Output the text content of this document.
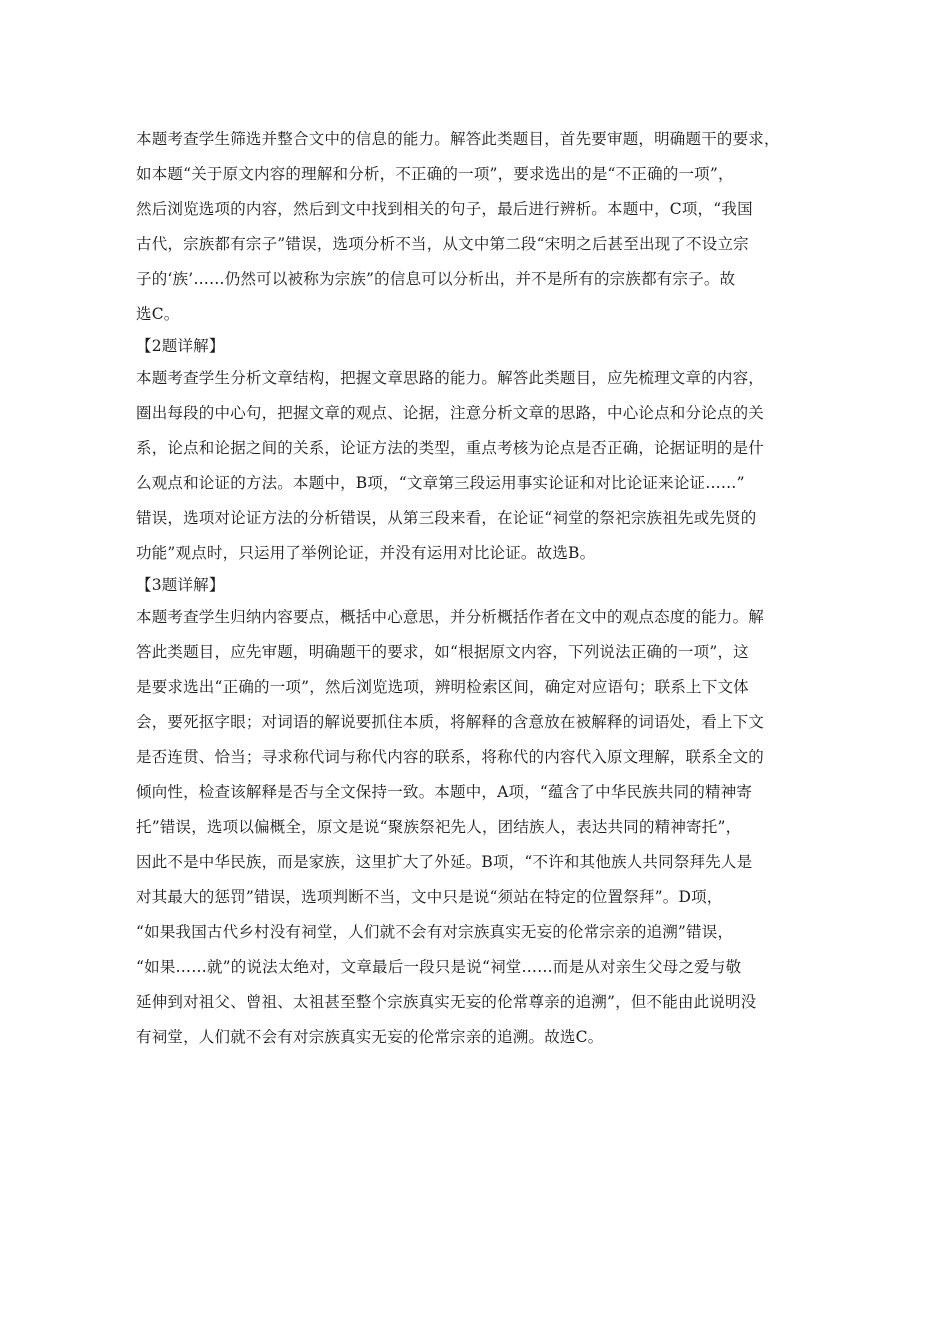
本题考查学生筛选并整合文中的信息的能力。解答此类题目，首先要审题，明确题干的要求，
如本题“关于原文内容的理解和分析，不正确的一项”，要求选出的是“不正确的一项”，
然后浏览选项的内容，然后到文中找到相关的句子，最后进行辨析。本题中，C项，“我国
古代，宗族都有宗子”错误，选项分析不当，从文中第二段“宋明之后甚至出现了不设立宗
子的‘族’……仍然可以被称为宗族”的信息可以分析出，并不是所有的宗族都有宗子。故
选C。
【2题详解】
本题考查学生分析文章结构，把握文章思路的能力。解答此类题目，应先梳理文章的内容，
圈出每段的中心句，把握文章的观点、论据，注意分析文章的思路，中心论点和分论点的关
系，论点和论据之间的关系，论证方法的类型，重点考核为论点是否正确，论据证明的是什
么观点和论证的方法。本题中，B项，“文章第三段运用事实论证和对比论证来论证……”
错误，选项对论证方法的分析错误，从第三段来看，在论证“祠堂的祭祀宗族祖先或先贤的
功能”观点时，只运用了举例论证，并没有运用对比论证。故选B。
【3题详解】
本题考查学生归纳内容要点，概括中心意思，并分析概括作者在文中的观点态度的能力。解
答此类题目，应先审题，明确题干的要求，如“根据原文内容，下列说法正确的一项”，这
是要求选出“正确的一项”，然后浏览选项，辨明检索区间，确定对应语句；联系上下文体
会，要死抠字眼；对词语的解说要抓住本质，将解释的含意放在被解释的词语处，看上下文
是否连贯、恰当；寻求称代词与称代内容的联系，将称代的内容代入原文理解，联系全文的
倾向性，检查该解释是否与全文保持一致。本题中，A项，“蕴含了中华民族共同的精神寄
托”错误，选项以偏概全，原文是说“聚族祭祀先人，团结族人，表达共同的精神寄托”，
因此不是中华民族，而是家族，这里扩大了外延。B项，“不许和其他族人共同祭拜先人是
对其最大的惩罚”错误，选项判断不当，文中只是说“须站在特定的位置祭拜”。D项，
“如果我国古代乡村没有祠堂，人们就不会有对宗族真实无妄的伦常宗亲的追溯”错误，
“如果……就”的说法太绝对，文章最后一段只是说“祠堂……而是从对亲生父母之爱与敬
延伸到对祖父、曾祖、太祖甚至整个宗族真实无妄的伦常尊亲的追溯”，但不能由此说明没
有祠堂，人们就不会有对宗族真实无妄的伦常宗亲的追溯。故选C。
